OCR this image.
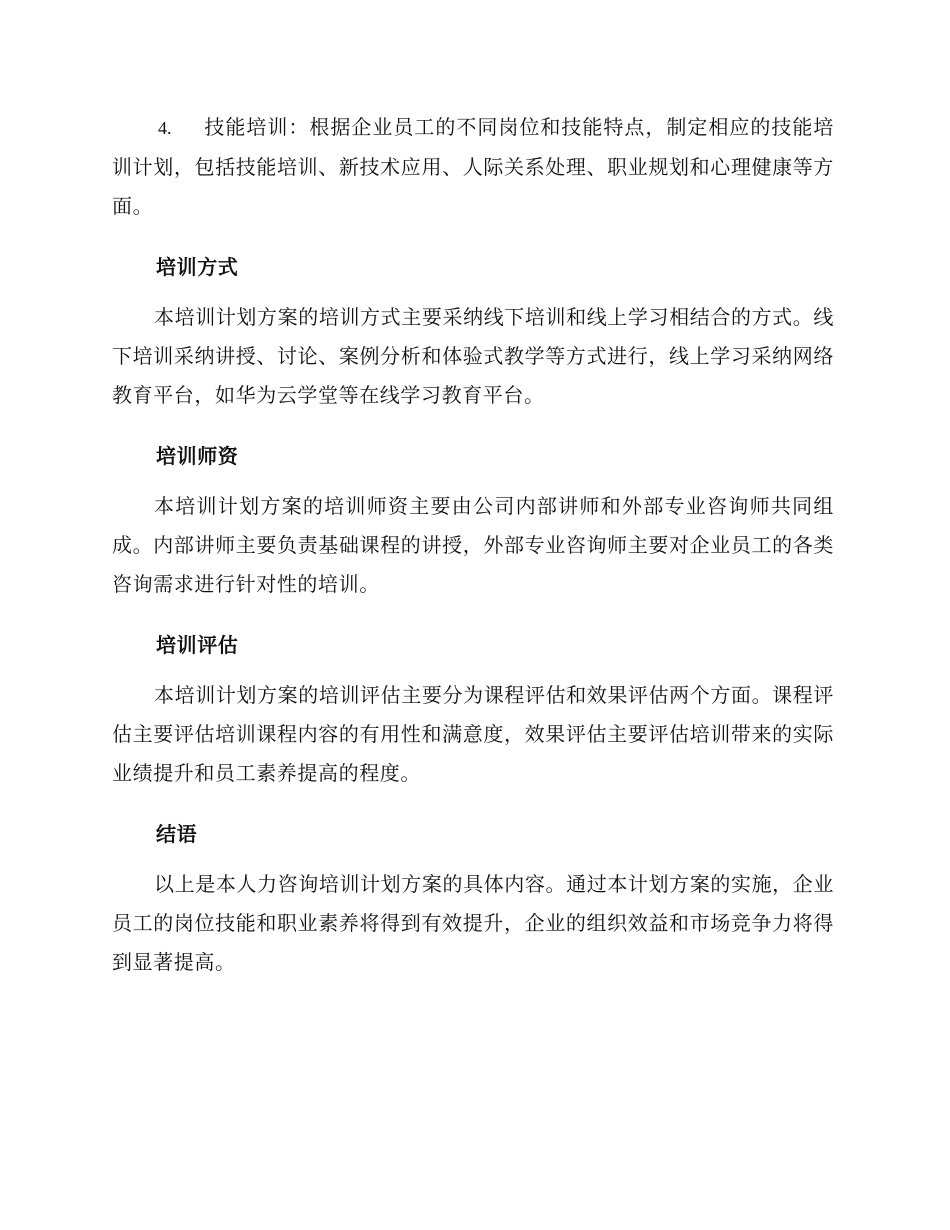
4. 技能培训：根据企业员工的不同岗位和技能特点，制定相应的技能培训计划，包括技能培训、新技术应用、人际关系处理、职业规划和心理健康等方面。

培训方式

本培训计划方案的培训方式主要采纳线下培训和线上学习相结合的方式。线下培训采纳讲授、讨论、案例分析和体验式教学等方式进行，线上学习采纳网络教育平台，如华为云学堂等在线学习教育平台。

培训师资

本培训计划方案的培训师资主要由公司内部讲师和外部专业咨询师共同组成。内部讲师主要负责基础课程的讲授，外部专业咨询师主要对企业员工的各类咨询需求进行针对性的培训。

培训评估

本培训计划方案的培训评估主要分为课程评估和效果评估两个方面。课程评估主要评估培训课程内容的有用性和满意度，效果评估主要评估培训带来的实际业绩提升和员工素养提高的程度。

结语

以上是本人力咨询培训计划方案的具体内容。通过本计划方案的实施，企业员工的岗位技能和职业素养将得到有效提升，企业的组织效益和市场竞争力将得到显著提高。
